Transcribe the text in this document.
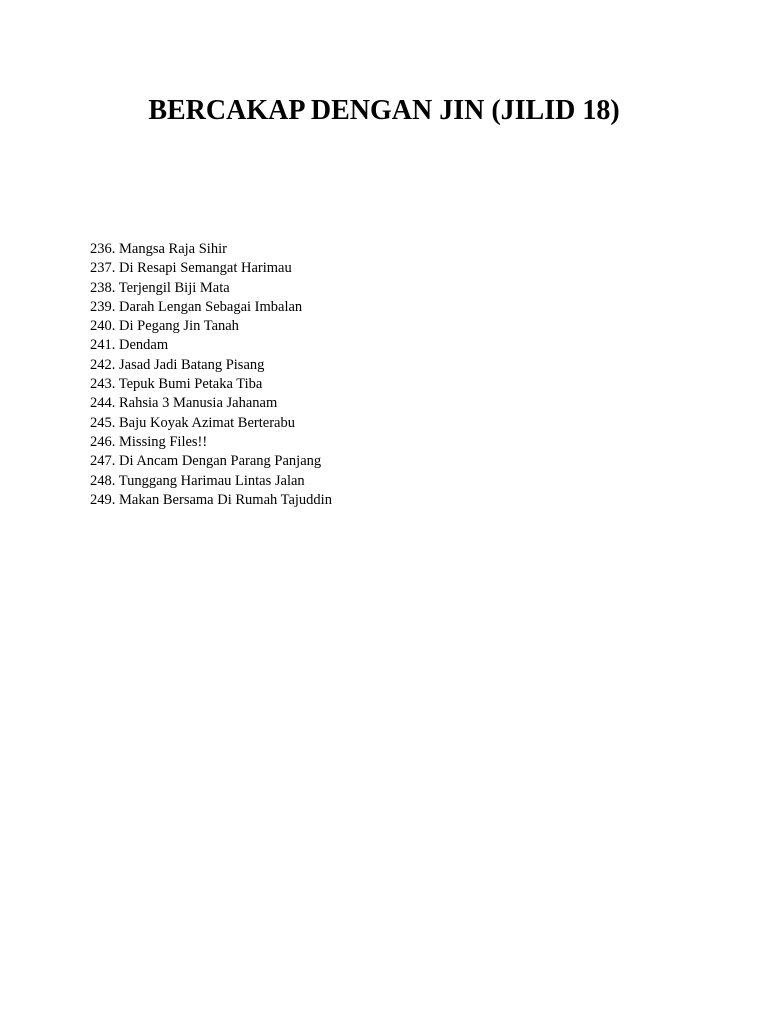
BERCAKAP DENGAN JIN (JILID 18)
236. Mangsa Raja Sihir
237. Di Resapi Semangat Harimau
238. Terjengil Biji Mata
239. Darah Lengan Sebagai Imbalan
240. Di Pegang Jin Tanah
241. Dendam
242. Jasad Jadi Batang Pisang
243. Tepuk Bumi Petaka Tiba
244. Rahsia 3 Manusia Jahanam
245. Baju Koyak Azimat Berterabu
246. Missing Files!!
247. Di Ancam Dengan Parang Panjang
248. Tunggang Harimau Lintas Jalan
249. Makan Bersama Di Rumah Tajuddin
